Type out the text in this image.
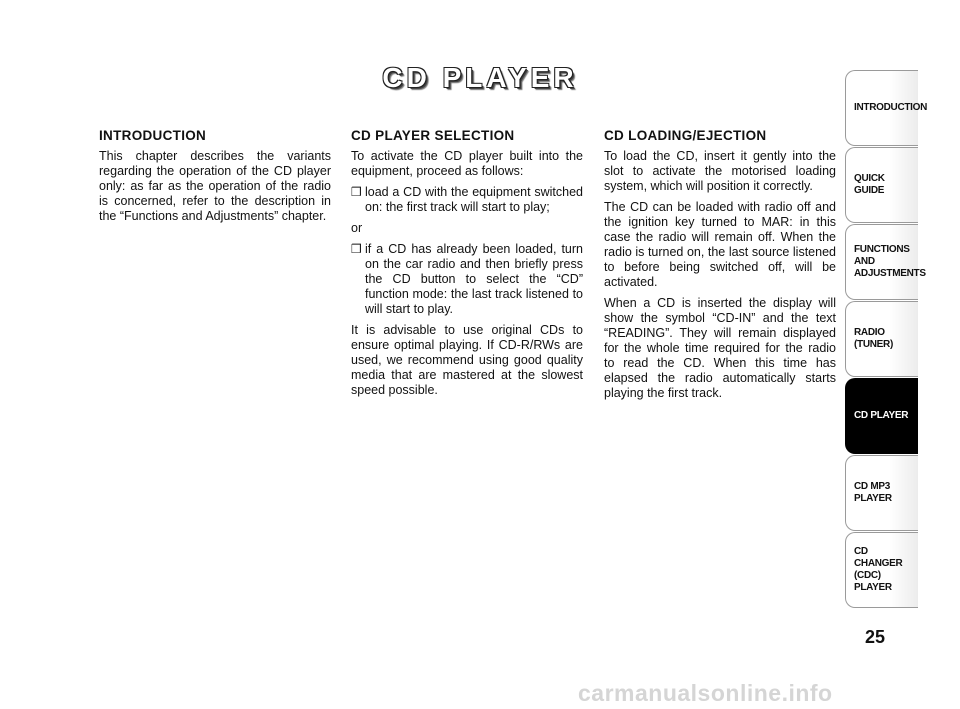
CD PLAYER
INTRODUCTION

This chapter describes the variants regarding the operation of the CD player only: as far as the operation of the radio is concerned, refer to the description in the “Functions and Adjustments” chapter.

CD PLAYER SELECTION

To activate the CD player built into the equipment, proceed as follows:

❒ load a CD with the equipment switched on: the first track will start to play;

or

❒ if a CD has already been loaded, turn on the car radio and then briefly press the CD button to select the “CD” function mode: the last track listened to will start to play.

It is advisable to use original CDs to ensure optimal playing. If CD-R/RWs are used, we recommend using good quality media that are mastered at the slowest speed possible.

CD LOADING/EJECTION

To load the CD, insert it gently into the slot to activate the motorised loading system, which will position it correctly.

The CD can be loaded with radio off and the ignition key turned to MAR: in this case the radio will remain off. When the radio is turned on, the last source listened to before being switched off, will be activated.

When a CD is inserted the display will show the symbol “CD-IN” and the text “READING”. They will remain displayed for the whole time required for the radio to read the CD. When this time has elapsed the radio automatically starts playing the first track.

INTRODUCTION
QUICK
GUIDE
FUNCTIONS
AND
ADJUSTMENTS
RADIO
(TUNER)
CD PLAYER
CD MP3
PLAYER
CD CHANGER
(CDC) PLAYER
25
carmanualsonline.info
